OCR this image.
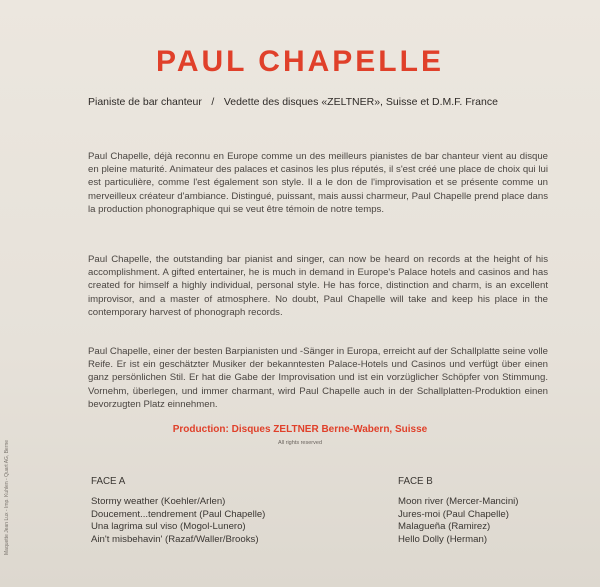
PAUL CHAPELLE
Pianiste de bar chanteur / Vedette des disques «ZELTNER», Suisse et D.M.F. France

Paul Chapelle, déjà reconnu en Europe comme un des meilleurs pianistes de bar chanteur vient au disque en pleine maturité. Animateur des palaces et casinos les plus réputés, il s'est créé une place de choix qui lui est particulière, comme l'est également son style. Il a le don de l'improvisation et se présente comme un merveilleux créateur d'ambiance. Distingué, puissant, mais aussi charmeur, Paul Chapelle prend place dans la production phonographique qui se veut être témoin de notre temps.

Paul Chapelle, the outstanding bar pianist and singer, can now be heard on records at the height of his accomplishment. A gifted entertainer, he is much in demand in Europe's Palace hotels and casinos and has created for himself a highly individual, personal style. He has force, distinction and charm, is an excellent improvisor, and a master of atmosphere. No doubt, Paul Chapelle will take and keep his place in the contemporary harvest of phonograph records.

Paul Chapelle, einer der besten Barpianisten und -Sänger in Europa, erreicht auf der Schallplatte seine volle Reife. Er ist ein geschätzter Musiker der bekanntesten Palace-Hotels und Casinos und verfügt über einen ganz persönlichen Stil. Er hat die Gabe der Improvisation und ist ein vorzüglicher Schöpfer von Stimmung. Vornehm, überlegen, und immer charmant, wird Paul Chapelle auch in der Schallplatten-Produktion einen bevorzugten Platz einnehmen.

Production: Disques ZELTNER Berne-Wabern, Suisse
All rights reserved
FACE A
Stormy weather (Koehler/Arlen)
Doucement...tendrement (Paul Chapelle)
Una lagrima sul viso (Mogol-Lunero)
Ain't misbehavin' (Razaf/Waller/Brooks)
FACE B
Moon river (Mercer-Mancini)
Jures-moi (Paul Chapelle)
Malagueña (Ramirez)
Hello Dolly (Herman)
Maquette Jean Lux - Imp. Kuhlen - Quart AG, Berne
